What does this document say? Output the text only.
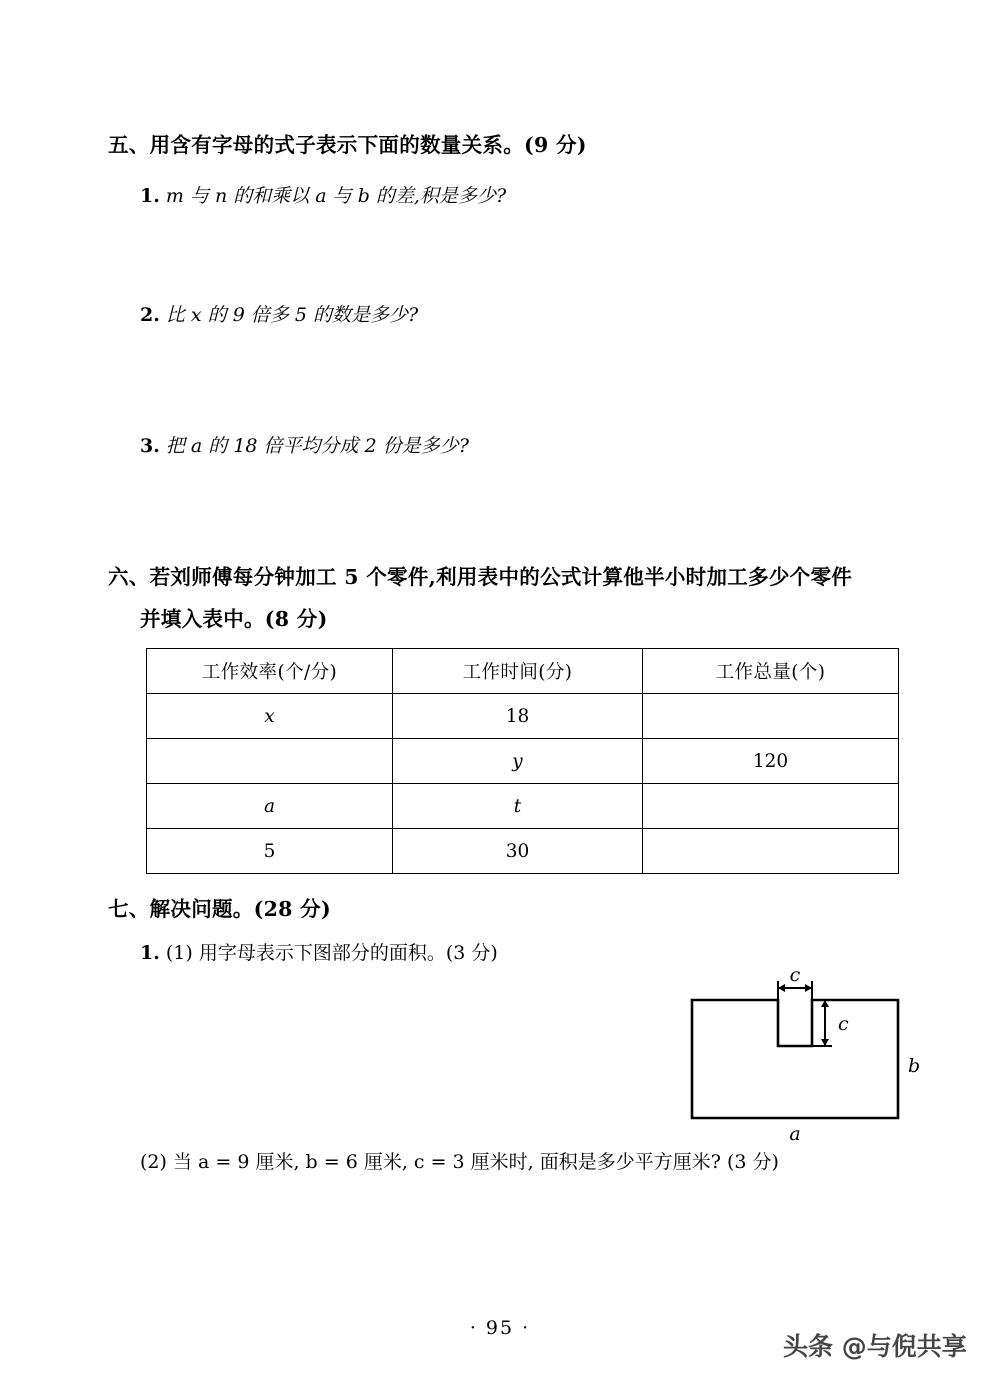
五、用含有字母的式子表示下面的数量关系。(9 分)
1. m 与 n 的和乘以 a 与 b 的差,积是多少?
2. 比 x 的 9 倍多 5 的数是多少?
3. 把 a 的 18 倍平均分成 2 份是多少?
六、若刘师傅每分钟加工 5 个零件,利用表中的公式计算他半小时加工多少个零件
并填入表中。(8 分)
工作效率(个/分)	工作时间(分)	工作总量(个)
x	18	
	y	120
a	t	
5	30	
七、解决问题。(28 分)
1. (1) 用字母表示下图部分的面积。(3 分)
c
c
b
a
(2) 当 a = 9 厘米, b = 6 厘米, c = 3 厘米时, 面积是多少平方厘米? (3 分)
· 95 ·
头条 @与倪共享
